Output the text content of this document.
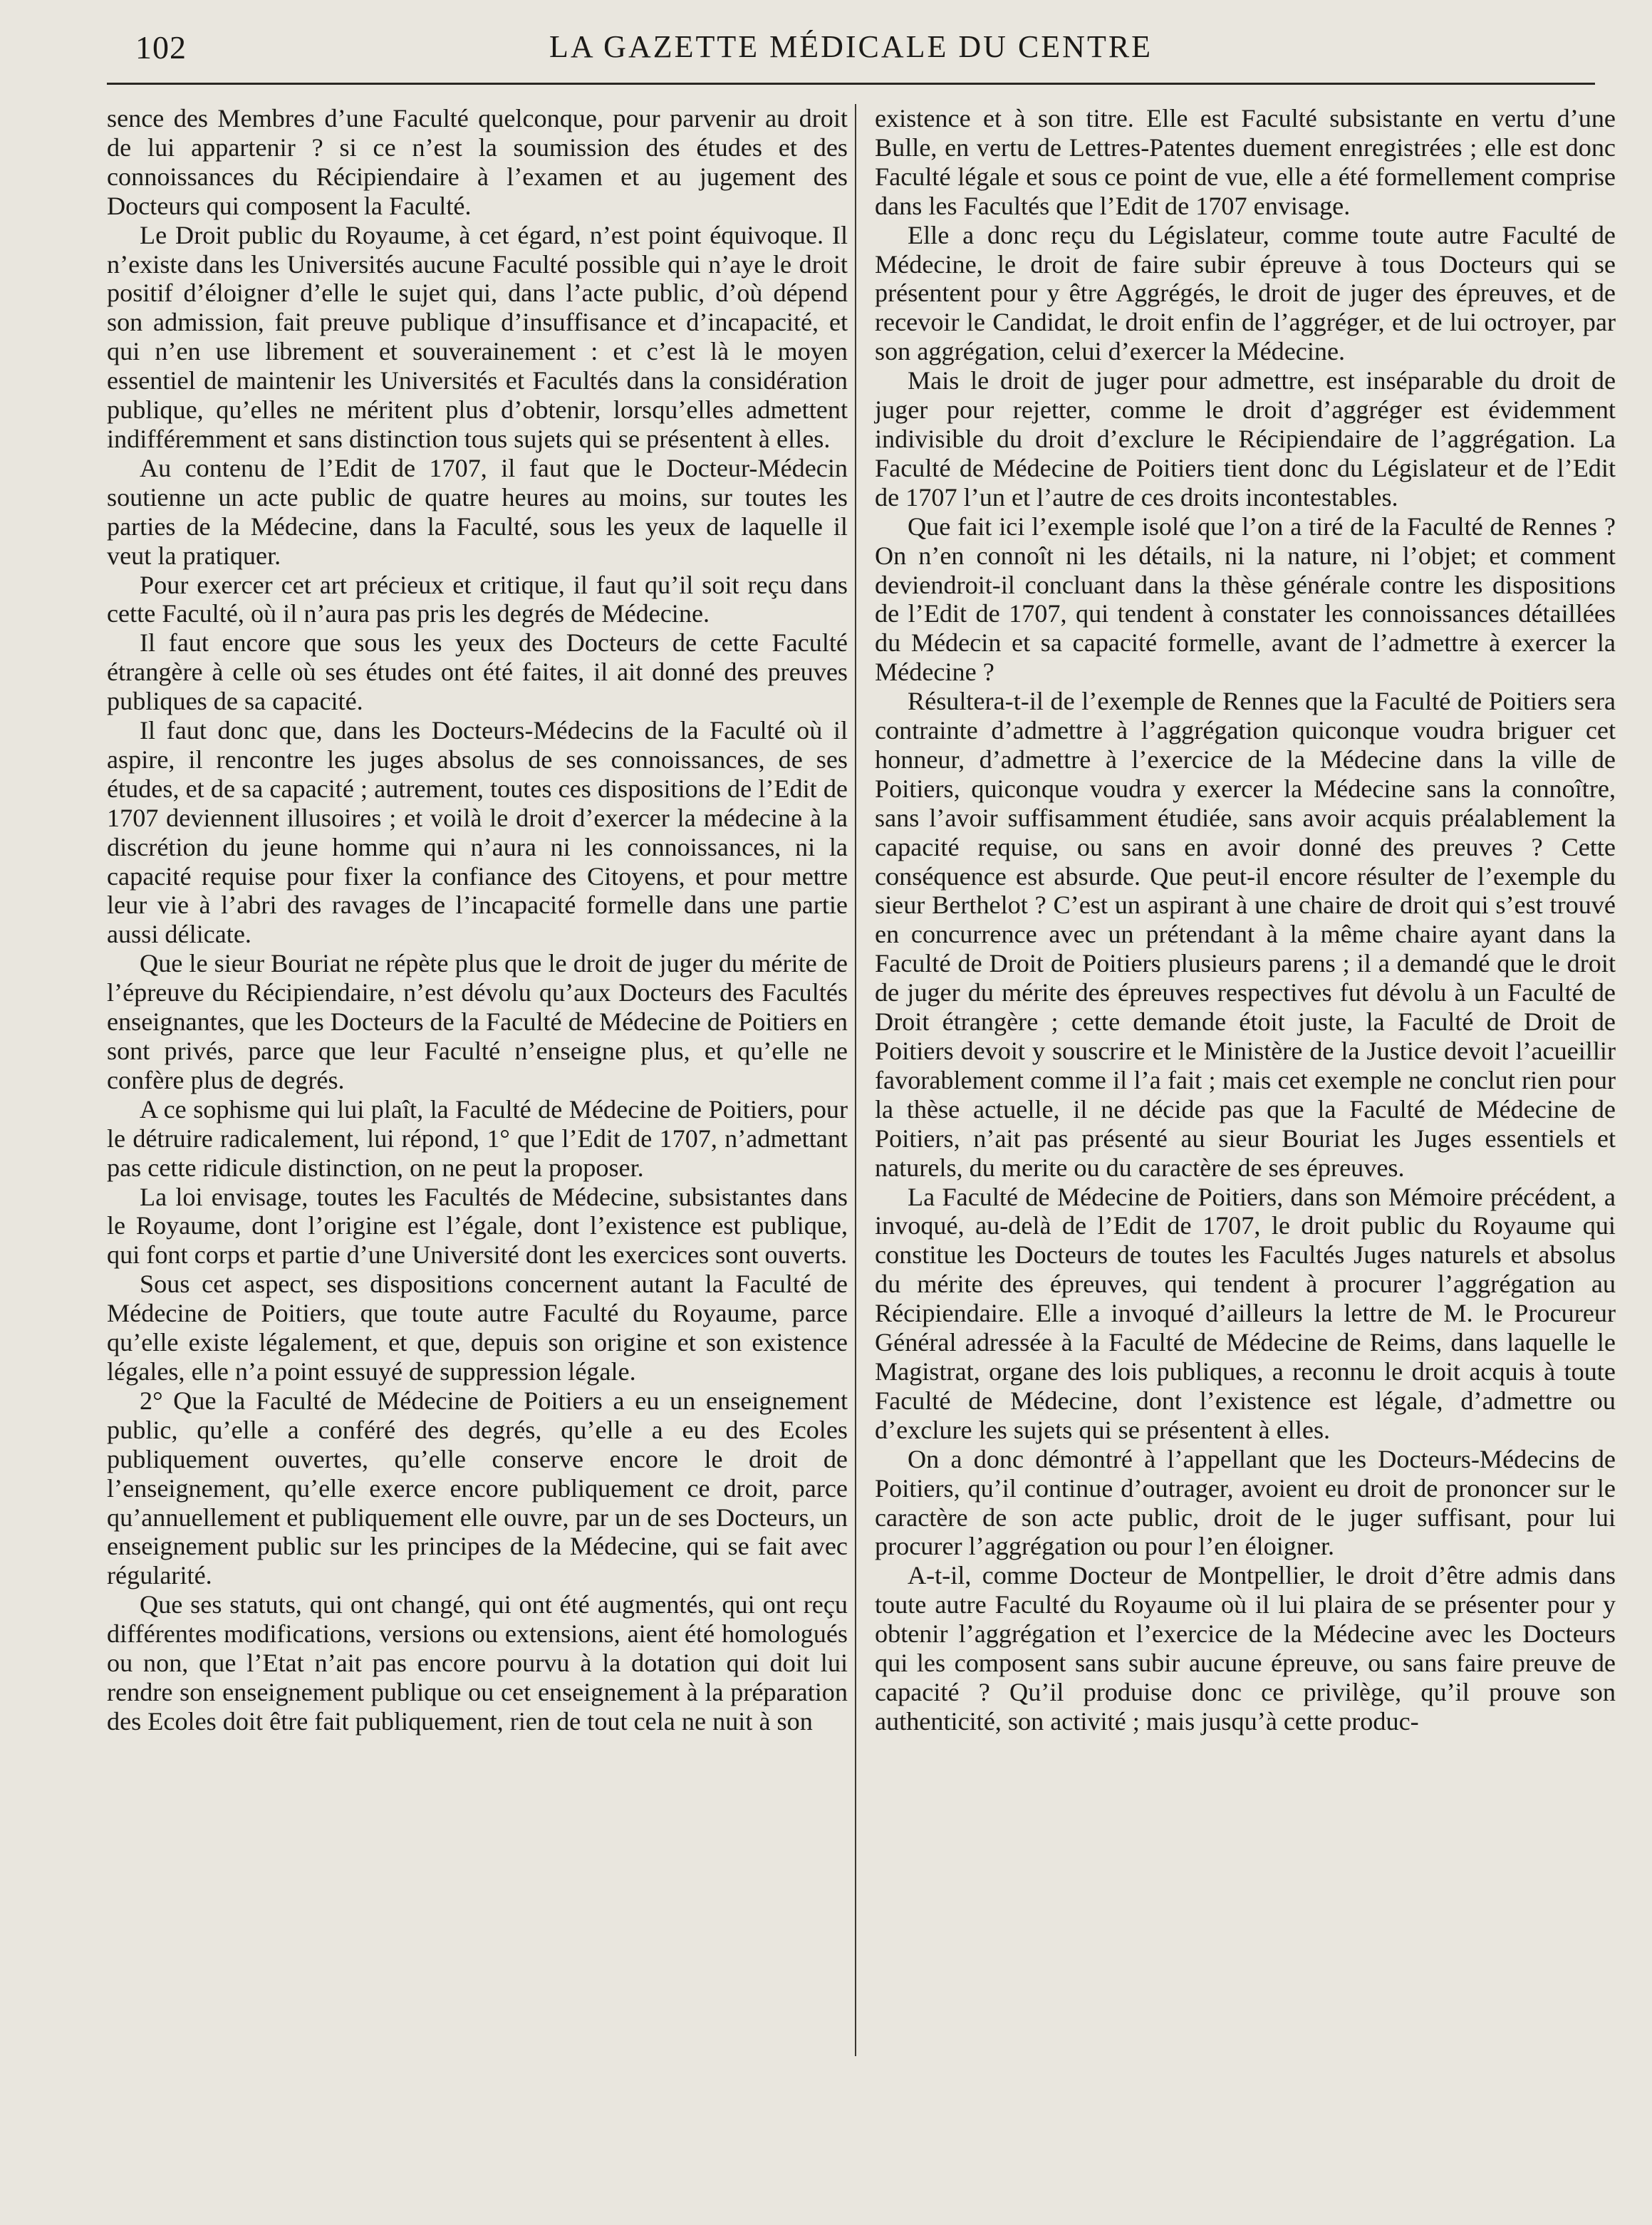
102	LA GAZETTE MÉDICALE DU CENTRE

sence des Membres d’une Faculté quelconque, pour parvenir au droit de lui appartenir ? si ce n’est la soumission des études et des connoissances du Récipiendaire à l’examen et au jugement des Docteurs qui composent la Faculté.

Le Droit public du Royaume, à cet égard, n’est point équivoque. Il n’existe dans les Universités aucune Faculté possible qui n’aye le droit positif d’éloigner d’elle le sujet qui, dans l’acte public, d’où dépend son admission, fait preuve publique d’insuffisance et d’incapacité, et qui n’en use librement et souverainement : et c’est là le moyen essentiel de maintenir les Universités et Facultés dans la considération publique, qu’elles ne méritent plus d’obtenir, lorsqu’elles admettent indifféremment et sans distinction tous sujets qui se présentent à elles.

Au contenu de l’Edit de 1707, il faut que le Docteur-Médecin soutienne un acte public de quatre heures au moins, sur toutes les parties de la Médecine, dans la Faculté, sous les yeux de laquelle il veut la pratiquer.

Pour exercer cet art précieux et critique, il faut qu’il soit reçu dans cette Faculté, où il n’aura pas pris les degrés de Médecine.

Il faut encore que sous les yeux des Docteurs de cette Faculté étrangère à celle où ses études ont été faites, il ait donné des preuves publiques de sa capacité.

Il faut donc que, dans les Docteurs-Médecins de la Faculté où il aspire, il rencontre les juges absolus de ses connoissances, de ses études, et de sa capacité ; autrement, toutes ces dispositions de l’Edit de 1707 deviennent illusoires ; et voilà le droit d’exercer la médecine à la discrétion du jeune homme qui n’aura ni les connoissances, ni la capacité requise pour fixer la confiance des Citoyens, et pour mettre leur vie à l’abri des ravages de l’incapacité formelle dans une partie aussi délicate.

Que le sieur Bouriat ne répète plus que le droit de juger du mérite de l’épreuve du Récipiendaire, n’est dévolu qu’aux Docteurs des Facultés enseignantes, que les Docteurs de la Faculté de Médecine de Poitiers en sont privés, parce que leur Faculté n’enseigne plus, et qu’elle ne confère plus de degrés.

A ce sophisme qui lui plaît, la Faculté de Médecine de Poitiers, pour le détruire radicalement, lui répond, 1° que l’Edit de 1707, n’admettant pas cette ridicule distinction, on ne peut la proposer.

La loi envisage, toutes les Facultés de Médecine, subsistantes dans le Royaume, dont l’origine est l’égale, dont l’existence est publique, qui font corps et partie d’une Université dont les exercices sont ouverts.

Sous cet aspect, ses dispositions concernent autant la Faculté de Médecine de Poitiers, que toute autre Faculté du Royaume, parce qu’elle existe légalement, et que, depuis son origine et son existence légales, elle n’a point essuyé de suppression légale.

2° Que la Faculté de Médecine de Poitiers a eu un enseignement public, qu’elle a conféré des degrés, qu’elle a eu des Ecoles publiquement ouvertes, qu’elle conserve encore le droit de l’enseignement, qu’elle exerce encore publiquement ce droit, parce qu’annuellement et publiquement elle ouvre, par un de ses Docteurs, un enseignement public sur les principes de la Médecine, qui se fait avec régularité.

Que ses statuts, qui ont changé, qui ont été augmentés, qui ont reçu différentes modifications, versions ou extensions, aient été homologués ou non, que l’Etat n’ait pas encore pourvu à la dotation qui doit lui rendre son enseignement publique ou cet enseignement à la préparation des Ecoles doit être fait publiquement, rien de tout cela ne nuit à son

existence et à son titre. Elle est Faculté subsistante en vertu d’une Bulle, en vertu de Lettres-Patentes duement enregistrées ; elle est donc Faculté légale et sous ce point de vue, elle a été formellement comprise dans les Facultés que l’Edit de 1707 envisage.

Elle a donc reçu du Législateur, comme toute autre Faculté de Médecine, le droit de faire subir épreuve à tous Docteurs qui se présentent pour y être Aggrégés, le droit de juger des épreuves, et de recevoir le Candidat, le droit enfin de l’aggréger, et de lui octroyer, par son aggrégation, celui d’exercer la Médecine.

Mais le droit de juger pour admettre, est inséparable du droit de juger pour rejetter, comme le droit d’aggréger est évidemment indivisible du droit d’exclure le Récipiendaire de l’aggrégation. La Faculté de Médecine de Poitiers tient donc du Législateur et de l’Edit de 1707 l’un et l’autre de ces droits incontestables.

Que fait ici l’exemple isolé que l’on a tiré de la Faculté de Rennes ? On n’en connoît ni les détails, ni la nature, ni l’objet; et comment deviendroit-il concluant dans la thèse générale contre les dispositions de l’Edit de 1707, qui tendent à constater les connoissances détaillées du Médecin et sa capacité formelle, avant de l’admettre à exercer la Médecine ?

Résultera-t-il de l’exemple de Rennes que la Faculté de Poitiers sera contrainte d’admettre à l’aggrégation quiconque voudra briguer cet honneur, d’admettre à l’exercice de la Médecine dans la ville de Poitiers, quiconque voudra y exercer la Médecine sans la connoître, sans l’avoir suffisamment étudiée, sans avoir acquis préalablement la capacité requise, ou sans en avoir donné des preuves ? Cette conséquence est absurde. Que peut-il encore résulter de l’exemple du sieur Berthelot ? C’est un aspirant à une chaire de droit qui s’est trouvé en concurrence avec un prétendant à la même chaire ayant dans la Faculté de Droit de Poitiers plusieurs parens ; il a demandé que le droit de juger du mérite des épreuves respectives fut dévolu à un Faculté de Droit étrangère ; cette demande étoit juste, la Faculté de Droit de Poitiers devoit y souscrire et le Ministère de la Justice devoit l’acueillir favorablement comme il l’a fait ; mais cet exemple ne conclut rien pour la thèse actuelle, il ne décide pas que la Faculté de Médecine de Poitiers, n’ait pas présenté au sieur Bouriat les Juges essentiels et naturels, du merite ou du caractère de ses épreuves.

La Faculté de Médecine de Poitiers, dans son Mémoire précédent, a invoqué, au-delà de l’Edit de 1707, le droit public du Royaume qui constitue les Docteurs de toutes les Facultés Juges naturels et absolus du mérite des épreuves, qui tendent à procurer l’aggrégation au Récipiendaire. Elle a invoqué d’ailleurs la lettre de M. le Procureur Général adressée à la Faculté de Médecine de Reims, dans laquelle le Magistrat, organe des lois publiques, a reconnu le droit acquis à toute Faculté de Médecine, dont l’existence est légale, d’admettre ou d’exclure les sujets qui se présentent à elles.

On a donc démontré à l’appellant que les Docteurs-Médecins de Poitiers, qu’il continue d’outrager, avoient eu droit de prononcer sur le caractère de son acte public, droit de le juger suffisant, pour lui procurer l’aggrégation ou pour l’en éloigner.

A-t-il, comme Docteur de Montpellier, le droit d’être admis dans toute autre Faculté du Royaume où il lui plaira de se présenter pour y obtenir l’aggrégation et l’exercice de la Médecine avec les Docteurs qui les composent sans subir aucune épreuve, ou sans faire preuve de capacité ? Qu’il produise donc ce privilège, qu’il prouve son authenticité, son activité ; mais jusqu’à cette produc-
